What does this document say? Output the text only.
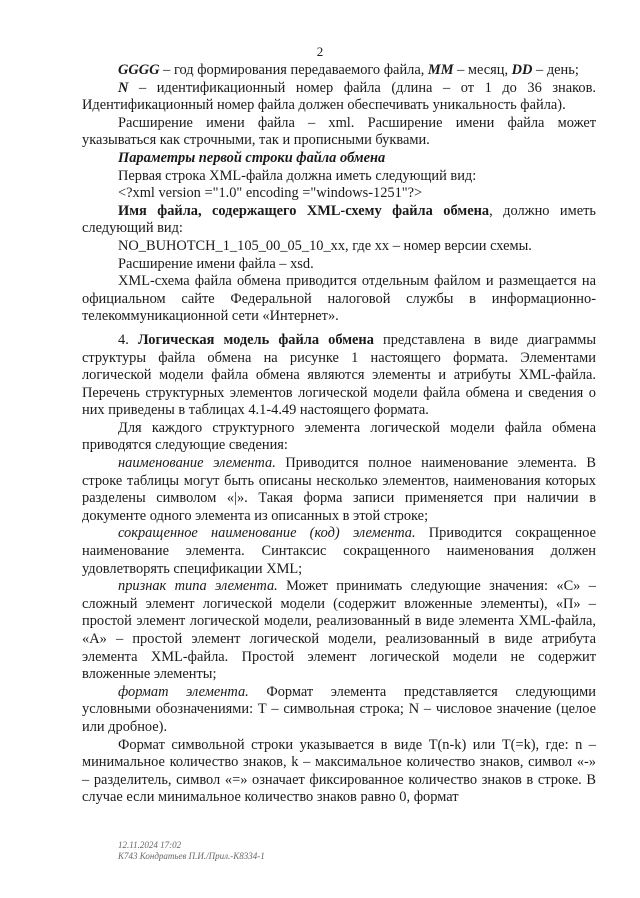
2

GGGG – год формирования передаваемого файла, MM – месяц, DD – день;

N – идентификационный номер файла (длина – от 1 до 36 знаков. Идентификационный номер файла должен обеспечивать уникальность файла).

Расширение имени файла – xml. Расширение имени файла может указываться как строчными, так и прописными буквами.

Параметры первой строки файла обмена

Первая строка XML-файла должна иметь следующий вид:

<?xml version ="1.0" encoding ="windows-1251"?>

Имя файла, содержащего XML-схему файла обмена, должно иметь следующий вид:

NO_BUHOTCH_1_105_00_05_10_xx, где хх – номер версии схемы.

Расширение имени файла – xsd.

XML-схема файла обмена приводится отдельным файлом и размещается на официальном сайте Федеральной налоговой службы в информационно-телекоммуникационной сети «Интернет».

4. Логическая модель файла обмена представлена в виде диаграммы структуры файла обмена на рисунке 1 настоящего формата. Элементами логической модели файла обмена являются элементы и атрибуты XML-файла. Перечень структурных элементов логической модели файла обмена и сведения о них приведены в таблицах 4.1-4.49 настоящего формата.

Для каждого структурного элемента логической модели файла обмена приводятся следующие сведения:

наименование элемента. Приводится полное наименование элемента. В строке таблицы могут быть описаны несколько элементов, наименования которых разделены символом «|». Такая форма записи применяется при наличии в документе одного элемента из описанных в этой строке;

сокращенное наименование (код) элемента. Приводится сокращенное наименование элемента. Синтаксис сокращенного наименования должен удовлетворять спецификации XML;

признак типа элемента. Может принимать следующие значения: «С» – сложный элемент логической модели (содержит вложенные элементы), «П» – простой элемент логической модели, реализованный в виде элемента XML-файла, «А» – простой элемент логической модели, реализованный в виде атрибута элемента XML-файла. Простой элемент логической модели не содержит вложенные элементы;

формат элемента. Формат элемента представляется следующими условными обозначениями: Т – символьная строка; N – числовое значение (целое или дробное).

Формат символьной строки указывается в виде Т(n-k) или T(=k), где: n – минимальное количество знаков, k – максимальное количество знаков, символ «-» – разделитель, символ «=» означает фиксированное количество знаков в строке. В случае если минимальное количество знаков равно 0, формат

12.11.2024 17:02
К743 Кондратьев П.И./Прил.-К8334-1
